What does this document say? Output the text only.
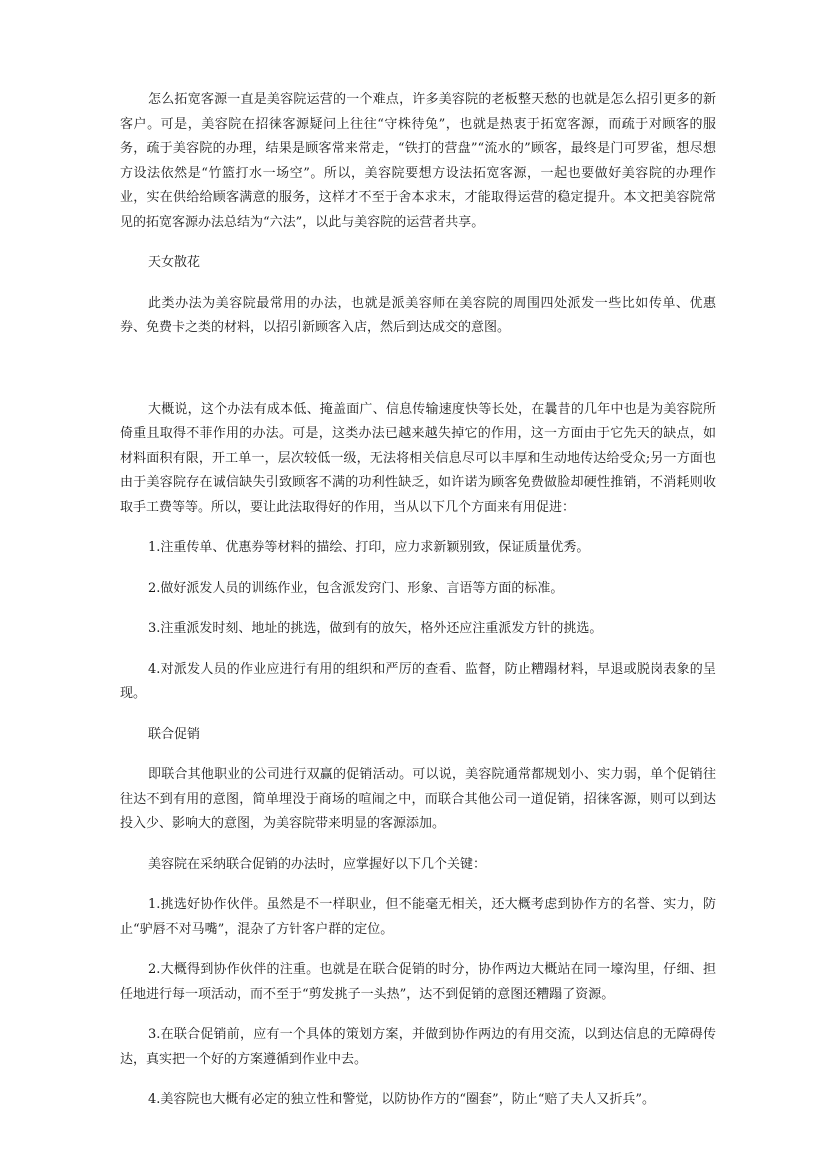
怎么拓宽客源一直是美容院运营的一个难点，许多美容院的老板整天愁的也就是怎么招引更多的新客户。可是，美容院在招徕客源疑问上往往“守株待兔”，也就是热衷于拓宽客源，而疏于对顾客的服务，疏于美容院的办理，结果是顾客常来常走，“铁打的营盘”“流水的”顾客，最终是门可罗雀，想尽想方设法依然是“竹篮打水一场空”。所以，美容院要想方设法拓宽客源，一起也要做好美容院的办理作业，实在供给给顾客满意的服务，这样才不至于舍本求末，才能取得运营的稳定提升。本文把美容院常见的拓宽客源办法总结为“六法”，以此与美容院的运营者共享。

天女散花

此类办法为美容院最常用的办法，也就是派美容师在美容院的周围四处派发一些比如传单、优惠券、免费卡之类的材料，以招引新顾客入店，然后到达成交的意图。

大概说，这个办法有成本低、掩盖面广、信息传输速度快等长处，在曩昔的几年中也是为美容院所倚重且取得不菲作用的办法。可是，这类办法已越来越失掉它的作用，这一方面由于它先天的缺点，如材料面积有限，开工单一，层次较低一级，无法将相关信息尽可以丰厚和生动地传达给受众;另一方面也由于美容院存在诚信缺失引致顾客不满的功利性缺乏，如许诺为顾客免费做脸却硬性推销，不消耗则收取手工费等等。所以，要让此法取得好的作用，当从以下几个方面来有用促进：

1.注重传单、优惠券等材料的描绘、打印，应力求新颖别致，保证质量优秀。

2.做好派发人员的训练作业，包含派发窍门、形象、言语等方面的标准。

3.注重派发时刻、地址的挑选，做到有的放矢，格外还应注重派发方针的挑选。

4.对派发人员的作业应进行有用的组织和严厉的查看、监督，防止糟蹋材料，早退或脱岗表象的呈现。

联合促销

即联合其他职业的公司进行双赢的促销活动。可以说，美容院通常都规划小、实力弱，单个促销往往达不到有用的意图，简单埋没于商场的喧闹之中，而联合其他公司一道促销，招徕客源，则可以到达投入少、影响大的意图，为美容院带来明显的客源添加。

美容院在采纳联合促销的办法时，应掌握好以下几个关键：

1.挑选好协作伙伴。虽然是不一样职业，但不能毫无相关，还大概考虑到协作方的名誉、实力，防止“驴唇不对马嘴”，混杂了方针客户群的定位。

2.大概得到协作伙伴的注重。也就是在联合促销的时分，协作两边大概站在同一壕沟里，仔细、担任地进行每一项活动，而不至于“剪发挑子一头热”，达不到促销的意图还糟蹋了资源。

3.在联合促销前，应有一个具体的策划方案，并做到协作两边的有用交流，以到达信息的无障碍传达，真实把一个好的方案遵循到作业中去。

4.美容院也大概有必定的独立性和警觉，以防协作方的“圈套”，防止“赔了夫人又折兵”。
